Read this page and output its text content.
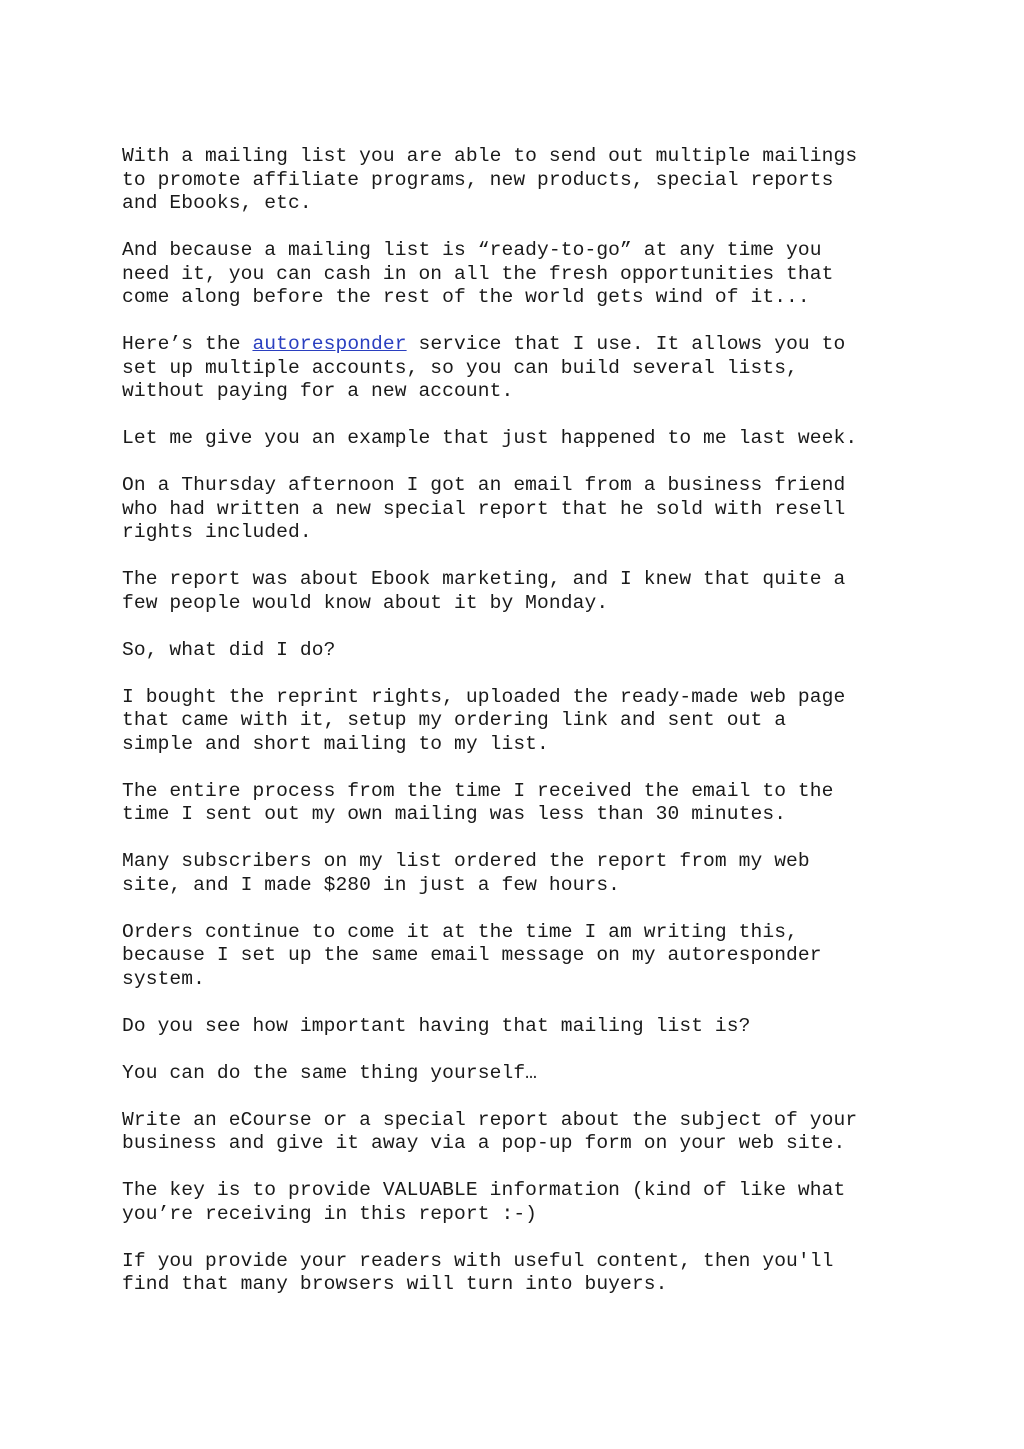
With a mailing list you are able to send out multiple mailings
to promote affiliate programs, new products, special reports
and Ebooks, etc.
And because a mailing list is “ready-to-go” at any time you
need it, you can cash in on all the fresh opportunities that
come along before the rest of the world gets wind of it...
Here’s the autoresponder service that I use. It allows you to
set up multiple accounts, so you can build several lists,
without paying for a new account.
Let me give you an example that just happened to me last week.
On a Thursday afternoon I got an email from a business friend
who had written a new special report that he sold with resell
rights included.
The report was about Ebook marketing, and I knew that quite a
few people would know about it by Monday.
So, what did I do?
I bought the reprint rights, uploaded the ready-made web page
that came with it, setup my ordering link and sent out a
simple and short mailing to my list.
The entire process from the time I received the email to the
time I sent out my own mailing was less than 30 minutes.
Many subscribers on my list ordered the report from my web
site, and I made $280 in just a few hours.
Orders continue to come it at the time I am writing this,
because I set up the same email message on my autoresponder
system.
Do you see how important having that mailing list is?
You can do the same thing yourself…
Write an eCourse or a special report about the subject of your
business and give it away via a pop-up form on your web site.
The key is to provide VALUABLE information (kind of like what
you’re receiving in this report :-)
If you provide your readers with useful content, then you'll
find that many browsers will turn into buyers.
